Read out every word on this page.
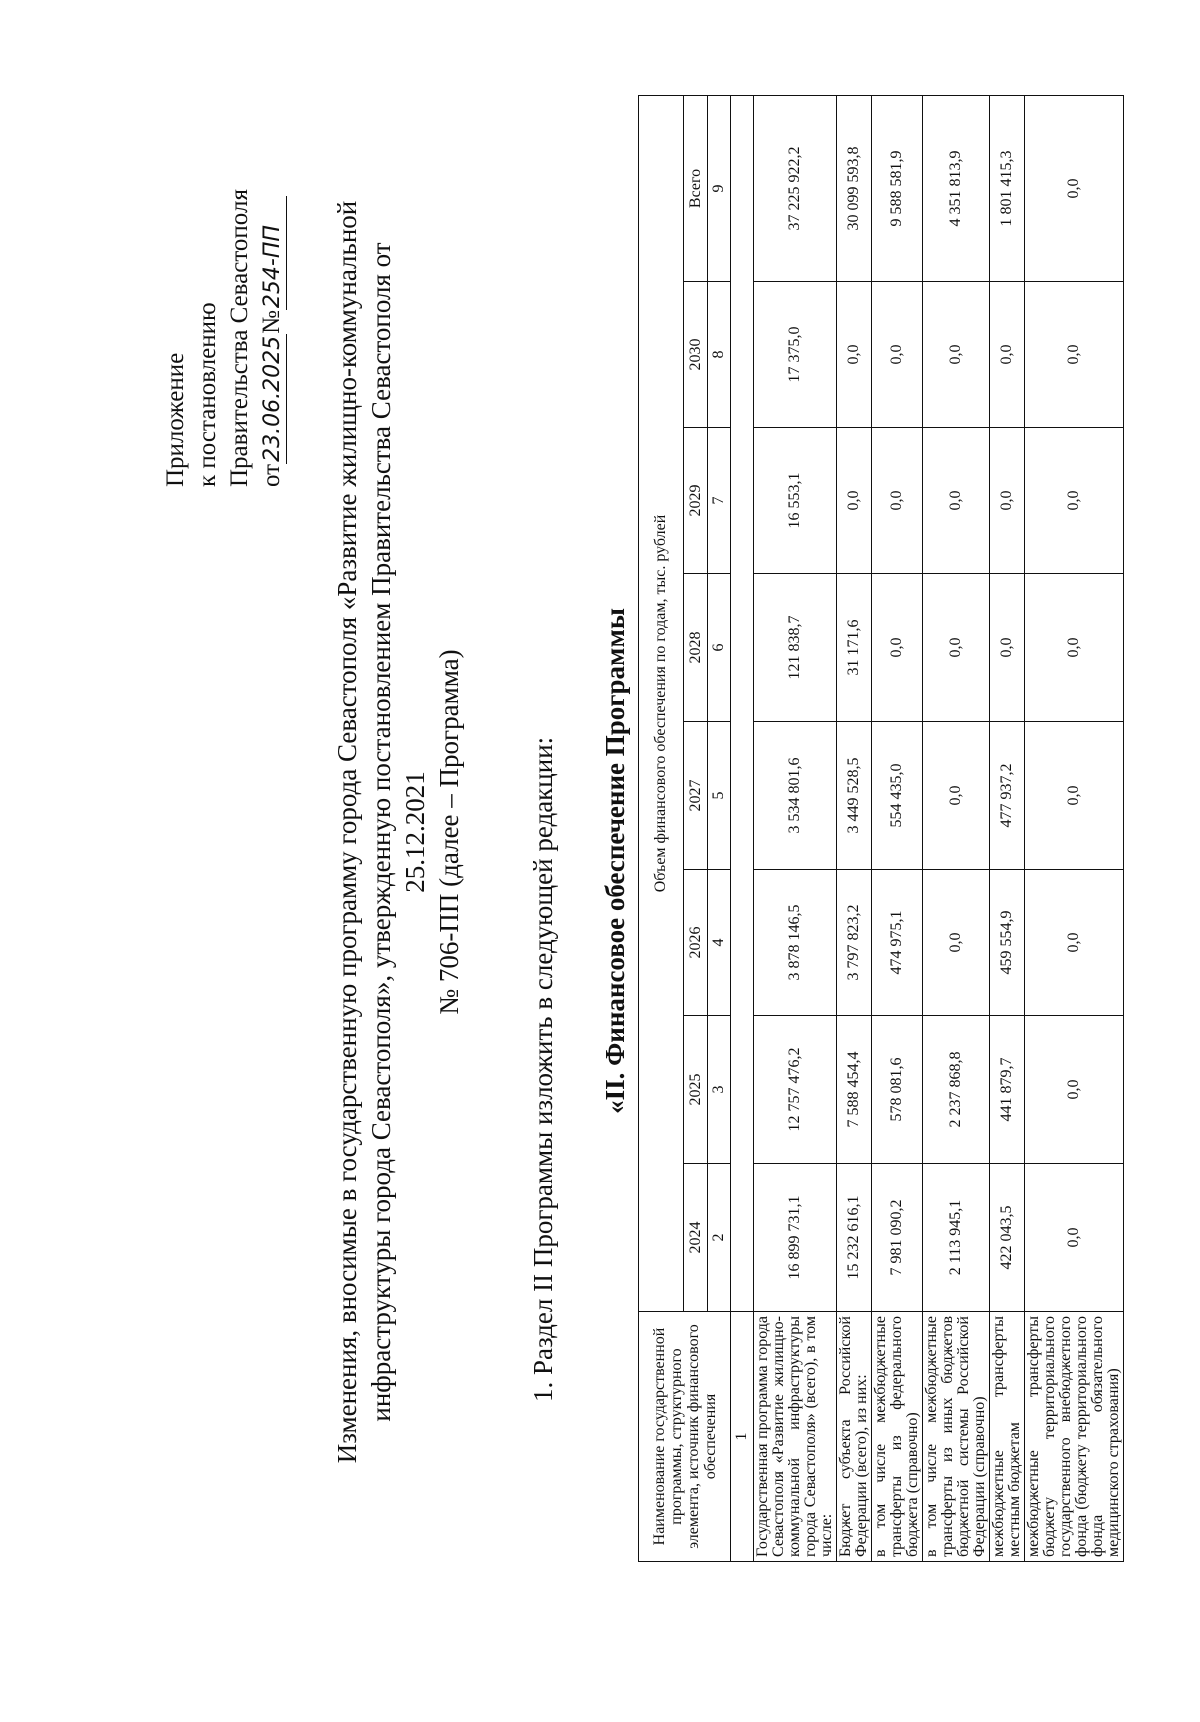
Приложение к постановлению Правительства Севастополя от23.06.2025№254-ПП Изменения, вносимые в государственную программу города Севастополя «Развитие жилищно-коммунальной инфраструктуры города Севастополя», утвержденную постановлением Правительства Севастополя от 25.12.2021 № 706-ПП (далее – Программа) 1. Раздел II Программы изложить в следующей редакции: «II. Финансовое обеспечение Программы
Наименование государственной программы, структурного элемента, источник финансового обеспечения	Объем финансового обеспечения по годам, тыс. рублей							
	2024	2025	2026	2027	2028	2029	2030	Всего
	2	3	4	5	6	7	8	9
1								
Государственная программа города Севастополя «Развитие жилищно-коммунальной инфраструктуры города Севастополя» (всего), в том числе:	16 899 731,1	12 757 476,2	3 878 146,5	3 534 801,6	121 838,7	16 553,1	17 375,0	37 225 922,2
Бюджет субъекта Российской Федерации (всего), из них:	15 232 616,1	7 588 454,4	3 797 823,2	3 449 528,5	31 171,6	0,0	0,0	30 099 593,8
в том числе межбюджетные трансферты из федерального бюджета (справочно)	7 981 090,2	578 081,6	474 975,1	554 435,0	0,0	0,0	0,0	9 588 581,9
в том числе межбюджетные трансферты из иных бюджетов бюджетной системы Российской Федерации (справочно)	2 113 945,1	2 237 868,8	0,0	0,0	0,0	0,0	0,0	4 351 813,9
межбюджетные трансферты местным бюджетам	422 043,5	441 879,7	459 554,9	477 937,2	0,0	0,0	0,0	1 801 415,3
межбюджетные трансферты бюджету территориального государственного внебюджетного фонда (бюджету территориального фонда обязательного медицинского страхования)	0,0	0,0	0,0	0,0	0,0	0,0	0,0	0,0
